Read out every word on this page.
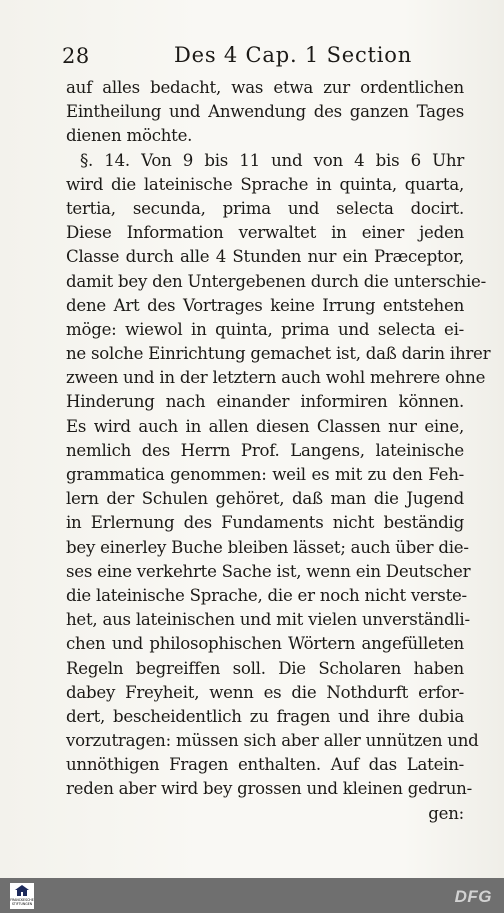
28	Des 4 Cap. 1 Section
auf alles bedacht, was etwa zur ordentlichen
Eintheilung und Anwendung des ganzen Tages
dienen möchte.
§. 14. Von 9 bis 11 und von 4 bis 6 Uhr
wird die lateinische Sprache in quinta, quarta,
tertia, secunda, prima und selecta docirt.
Diese Information verwaltet in einer jeden
Classe durch alle 4 Stunden nur ein Præceptor,
damit bey den Untergebenen durch die unterschie-
dene Art des Vortrages keine Irrung entstehen
möge: wiewol in quinta, prima und selecta ei-
ne solche Einrichtung gemachet ist, daß darin ihrer
zween und in der letztern auch wohl mehrere ohne
Hinderung nach einander informiren können.
Es wird auch in allen diesen Classen nur eine,
nemlich des Herrn Prof. Langens, lateinische
grammatica genommen: weil es mit zu den Feh-
lern der Schulen gehöret, daß man die Jugend
in Erlernung des Fundaments nicht beständig
bey einerley Buche bleiben lässet; auch über die-
ses eine verkehrte Sache ist, wenn ein Deutscher
die lateinische Sprache, die er noch nicht verste-
het, aus lateinischen und mit vielen unverständli-
chen und philosophischen Wörtern angefülleten
Regeln begreiffen soll. Die Scholaren haben
dabey Freyheit, wenn es die Nothdurft erfor-
dert, bescheidentlich zu fragen und ihre dubia
vorzutragen: müssen sich aber aller unnützen und
unnöthigen Fragen enthalten. Auf das Latein-
reden aber wird bey grossen und kleinen gedrun-
gen:
FRANCKESCHE STIFTUNGEN	DFG
